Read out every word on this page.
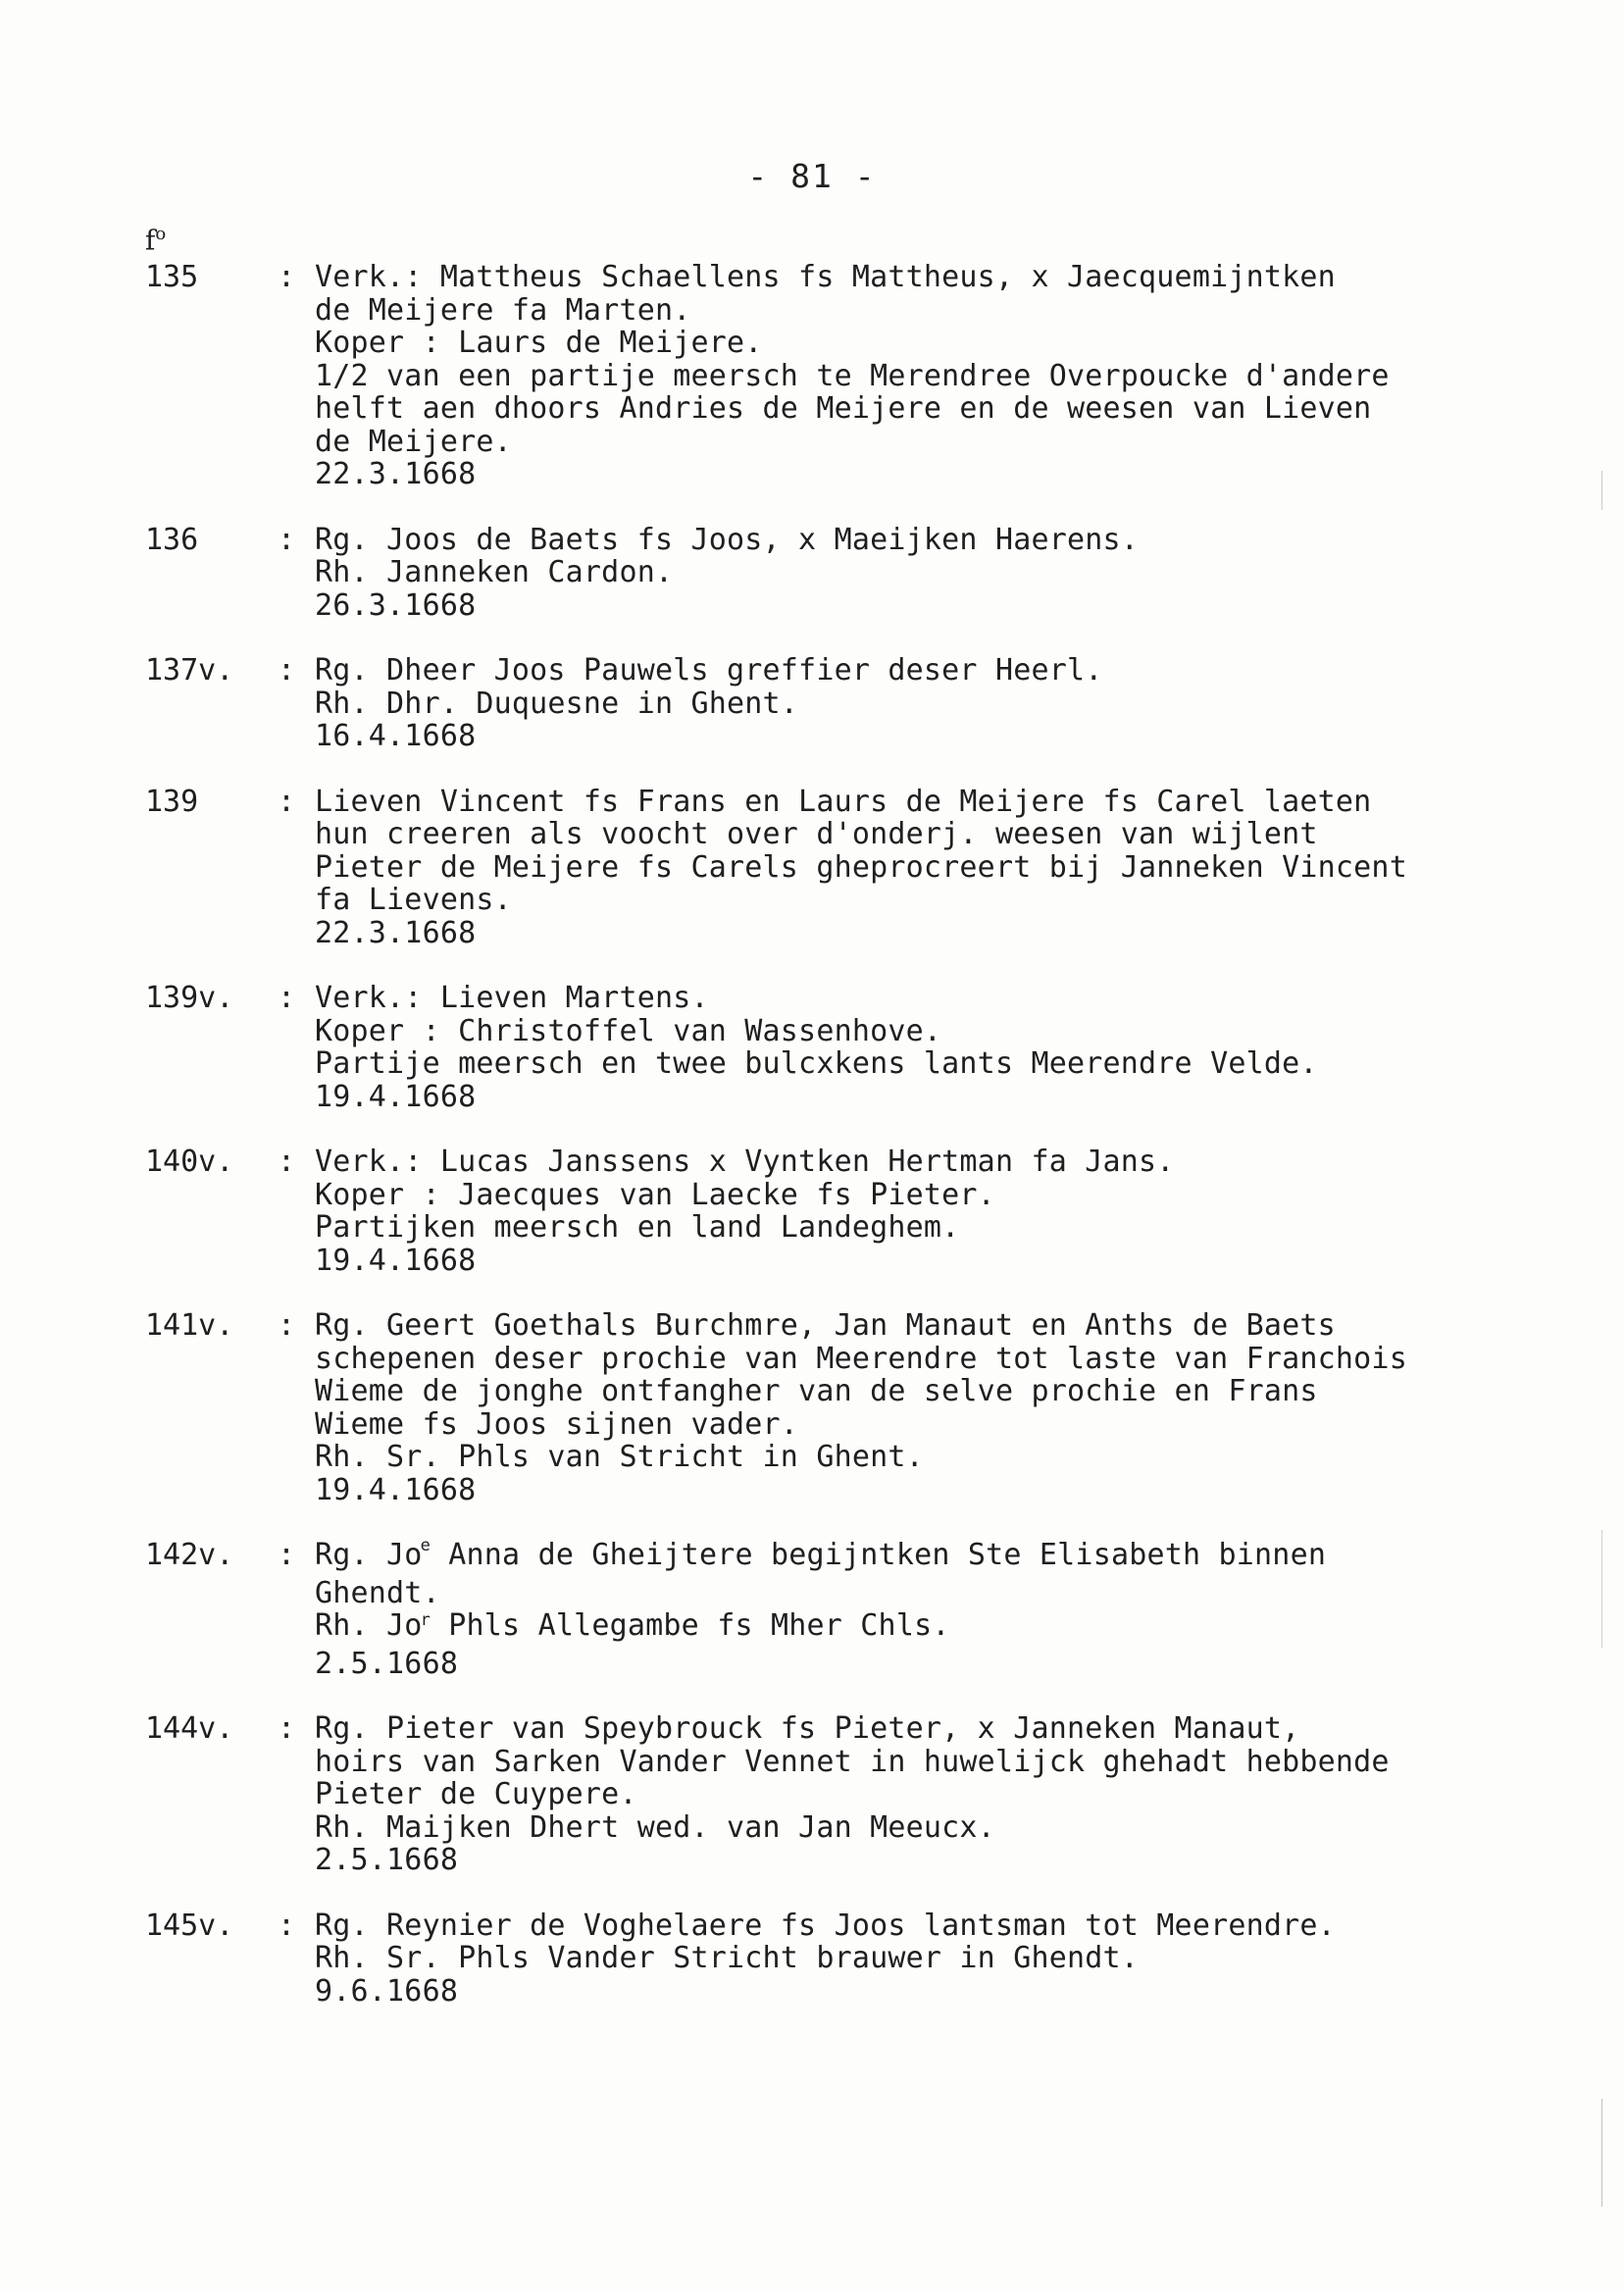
- 81 -
$f^o$
135	: Verk.: Mattheus Schaellens fs Mattheus, x Jaecquemijntken
de Meijere fa Marten.
Koper : Laurs de Meijere.
1/2 van een partije meersch te Merendree Overpoucke d'andere
helft aen dhoors Andries de Meijere en de weesen van Lieven
de Meijere.
22.3.1668
136	: Rg. Joos de Baets fs Joos, x Maeijken Haerens.
Rh. Janneken Cardon.
26.3.1668
137v.	: Rg. Dheer Joos Pauwels greffier deser Heerl.
Rh. Dhr. Duquesne in Ghent.
16.4.1668
139	: Lieven Vincent fs Frans en Laurs de Meijere fs Carel laeten
hun creeren als voocht over d'onderj. weesen van wijlent
Pieter de Meijere fs Carels gheprocreert bij Janneken Vincent
fa Lievens.
22.3.1668
139v.	: Verk.: Lieven Martens.
Koper : Christoffel van Wassenhove.
Partije meersch en twee bulcxkens lants Meerendre Velde.
19.4.1668
140v.	: Verk.: Lucas Janssens x Vyntken Hertman fa Jans.
Koper : Jaecques van Laecke fs Pieter.
Partijken meersch en land Landeghem.
19.4.1668
141v.	: Rg. Geert Goethals Burchmre, Jan Manaut en Anths de Baets
schepenen deser prochie van Meerendre tot laste van Franchois
Wieme de jonghe ontfangher van de selve prochie en Frans
Wieme fs Joos sijnen vader.
Rh. Sr. Phls van Stricht in Ghent.
19.4.1668
142v.	: Rg. Jo$^e$ Anna de Gheijtere begijntken Ste Elisabeth binnen
Ghendt.
Rh. Jo$^r$ Phls Allegambe fs Mher Chls.
2.5.1668
144v.	: Rg. Pieter van Speybrouck fs Pieter, x Janneken Manaut,
hoirs van Sarken Vander Vennet in huwelijck ghehadt hebbende
Pieter de Cuypere.
Rh. Maijken Dhert wed. van Jan Meeucx.
2.5.1668
145v.	: Rg. Reynier de Voghelaere fs Joos lantsman tot Meerendre.
Rh. Sr. Phls Vander Stricht brauwer in Ghendt.
9.6.1668
